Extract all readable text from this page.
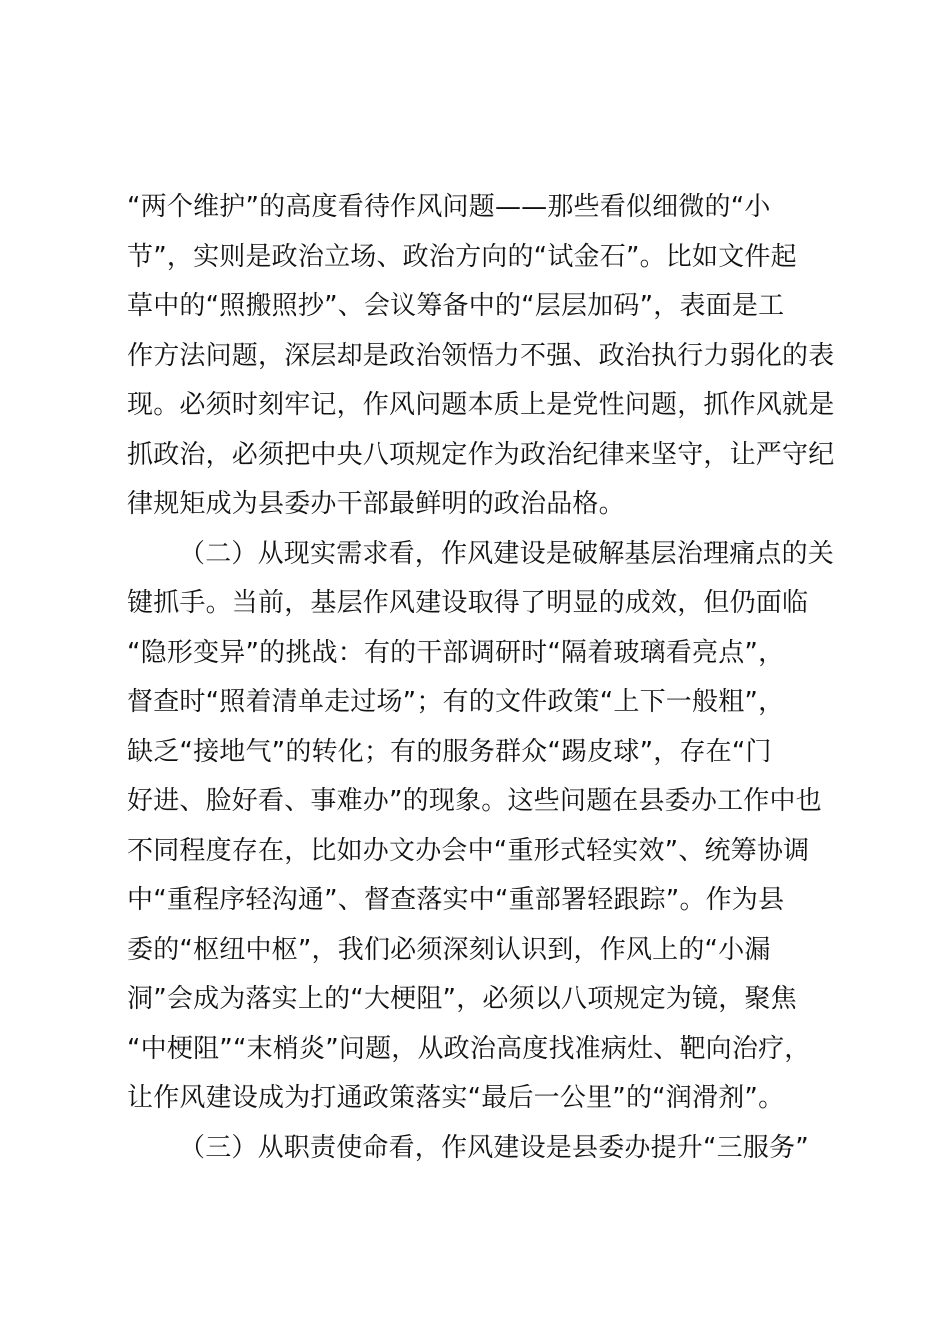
“两个维护”的高度看待作风问题——那些看似细微的“小
节”，实则是政治立场、政治方向的“试金石”。比如文件起
草中的“照搬照抄”、会议筹备中的“层层加码”，表面是工
作方法问题，深层却是政治领悟力不强、政治执行力弱化的表
现。必须时刻牢记，作风问题本质上是党性问题，抓作风就是
抓政治，必须把中央八项规定作为政治纪律来坚守，让严守纪
律规矩成为县委办干部最鲜明的政治品格。
（二）从现实需求看，作风建设是破解基层治理痛点的关
键抓手。当前，基层作风建设取得了明显的成效，但仍面临
“隐形变异”的挑战：有的干部调研时“隔着玻璃看亮点”，
督查时“照着清单走过场”；有的文件政策“上下一般粗”，
缺乏“接地气”的转化；有的服务群众“踢皮球”，存在“门
好进、脸好看、事难办”的现象。这些问题在县委办工作中也
不同程度存在，比如办文办会中“重形式轻实效”、统筹协调
中“重程序轻沟通”、督查落实中“重部署轻跟踪”。作为县
委的“枢纽中枢”，我们必须深刻认识到，作风上的“小漏
洞”会成为落实上的“大梗阻”，必须以八项规定为镜，聚焦
“中梗阻”“末梢炎”问题，从政治高度找准病灶、靶向治疗，
让作风建设成为打通政策落实“最后一公里”的“润滑剂”。
（三）从职责使命看，作风建设是县委办提升“三服务”
